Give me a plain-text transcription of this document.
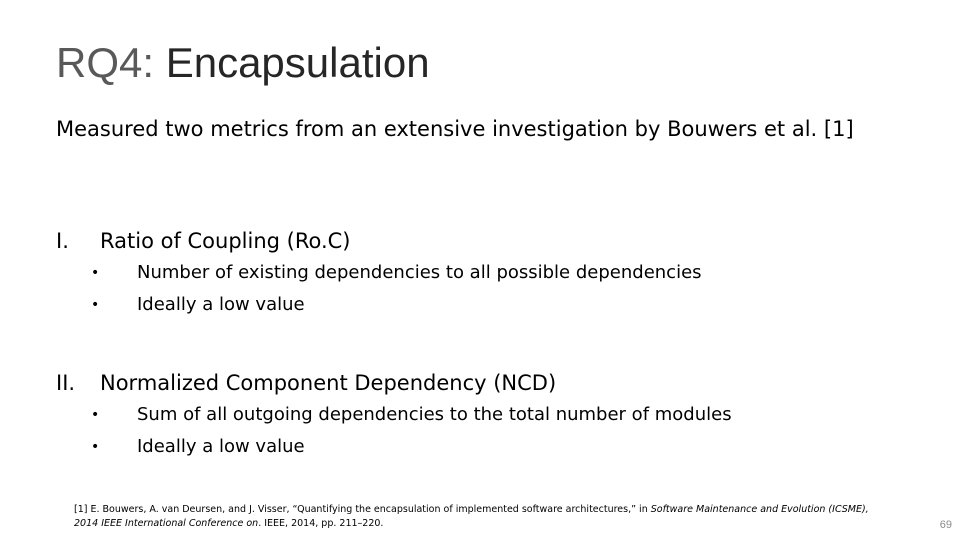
RQ4: Encapsulation
Measured two metrics from an extensive investigation by Bouwers et al. [1]
I. Ratio of Coupling (Ro.C)
• Number of existing dependencies to all possible dependencies
• Ideally a low value
II. Normalized Component Dependency (NCD)
• Sum of all outgoing dependencies to the total number of modules
• Ideally a low value
[1] E. Bouwers, A. van Deursen, and J. Visser, “Quantifying the encapsulation of implemented software architectures,” in Software Maintenance and Evolution (ICSME), 2014 IEEE International Conference on. IEEE, 2014, pp. 211–220.	69
